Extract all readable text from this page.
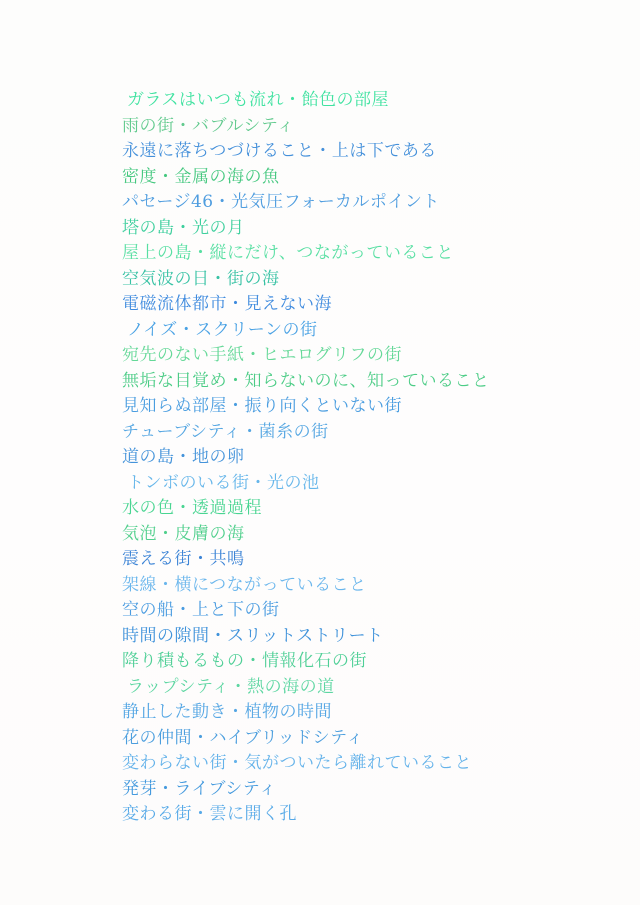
ガラスはいつも流れ・飴色の部屋
雨の街・バブルシティ
永遠に落ちつづけること・上は下である
密度・金属の海の魚
パセージ46・光気圧フォーカルポイント
塔の島・光の月
屋上の島・縦にだけ、つながっていること
空気波の日・街の海
電磁流体都市・見えない海
ノイズ・スクリーンの街
宛先のない手紙・ヒエログリフの街
無垢な目覚め・知らないのに、知っていること
見知らぬ部屋・振り向くといない街
チューブシティ・菌糸の街
道の島・地の卵
トンボのいる街・光の池
水の色・透過過程
気泡・皮膚の海
震える街・共鳴
架線・横につながっていること
空の船・上と下の街
時間の隙間・スリットストリート
降り積もるもの・情報化石の街
ラップシティ・熱の海の道
静止した動き・植物の時間
花の仲間・ハイブリッドシティ
変わらない街・気がついたら離れていること
発芽・ライブシティ
変わる街・雲に開く孔
